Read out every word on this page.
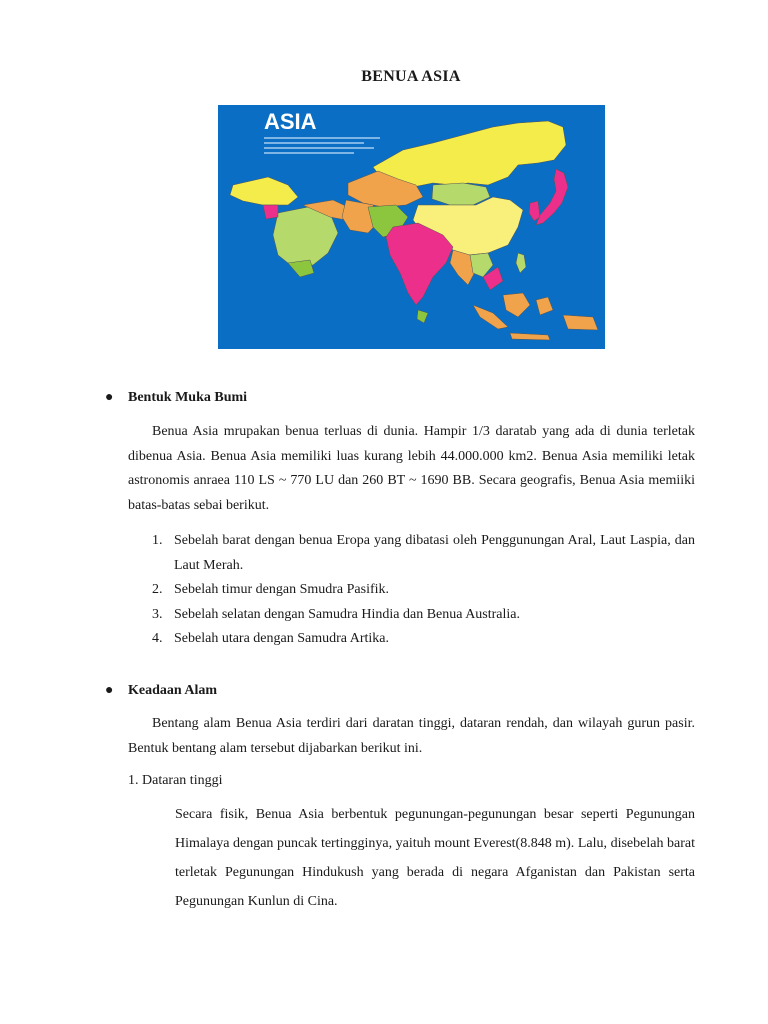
BENUA ASIA
ASIA
● Bentuk Muka Bumi
Benua Asia mrupakan benua terluas di dunia. Hampir 1/3 daratab yang ada di dunia terletak dibenua Asia. Benua Asia memiliki luas kurang lebih 44.000.000 km2. Benua Asia memiliki letak astronomis anraea 110 LS ~ 770 LU dan 260 BT ~ 1690 BB. Secara geografis, Benua Asia memiiki batas-batas sebai berikut.
1. Sebelah barat dengan benua Eropa yang dibatasi oleh Penggunungan Aral, Laut Laspia, dan Laut Merah.
2. Sebelah timur dengan Smudra Pasifik.
3. Sebelah selatan dengan Samudra Hindia dan Benua Australia.
4. Sebelah utara dengan Samudra Artika.
● Keadaan Alam
Bentang alam Benua Asia terdiri dari daratan tinggi, dataran rendah, dan wilayah gurun pasir. Bentuk bentang alam tersebut dijabarkan berikut ini.
1. Dataran tinggi
Secara fisik, Benua Asia berbentuk pegunungan-pegunungan besar seperti Pegunungan Himalaya dengan puncak tertingginya, yaituh mount Everest(8.848 m). Lalu, disebelah barat terletak Pegunungan Hindukush yang berada di negara Afganistan dan Pakistan serta Pegunungan Kunlun di Cina.
